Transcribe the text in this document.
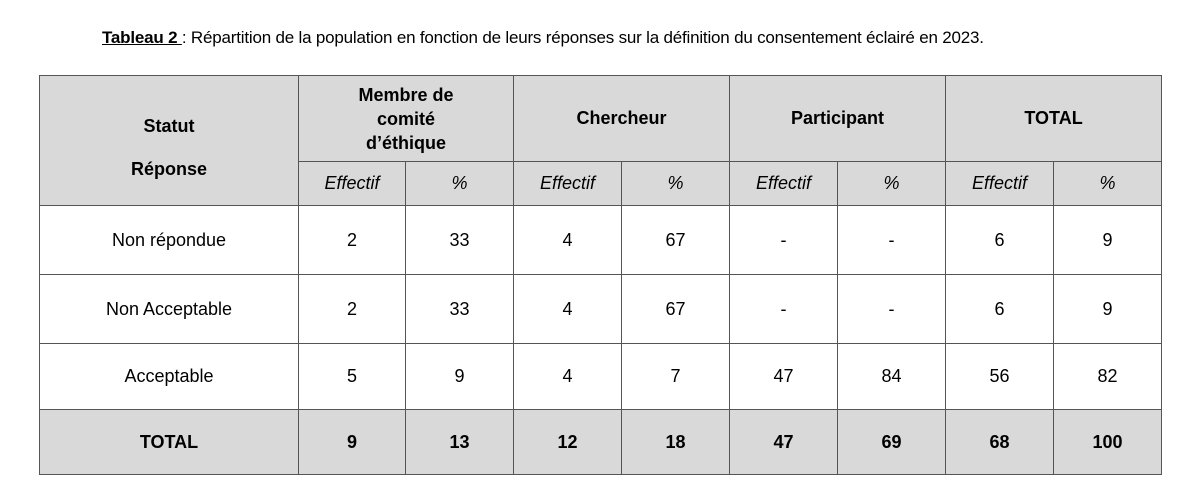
Tableau 2 : Répartition de la population en fonction de leurs réponses sur la définition du consentement éclairé en 2023.
Statut
Réponse	Membre de comité d’éthique		Chercheur		Participant		TOTAL	
	Effectif	%	Effectif	%	Effectif	%	Effectif	%
Non répondue	2	33	4	67	-	-	6	9
Non Acceptable	2	33	4	67	-	-	6	9
Acceptable	5	9	4	7	47	84	56	82
TOTAL	9	13	12	18	47	69	68	100
